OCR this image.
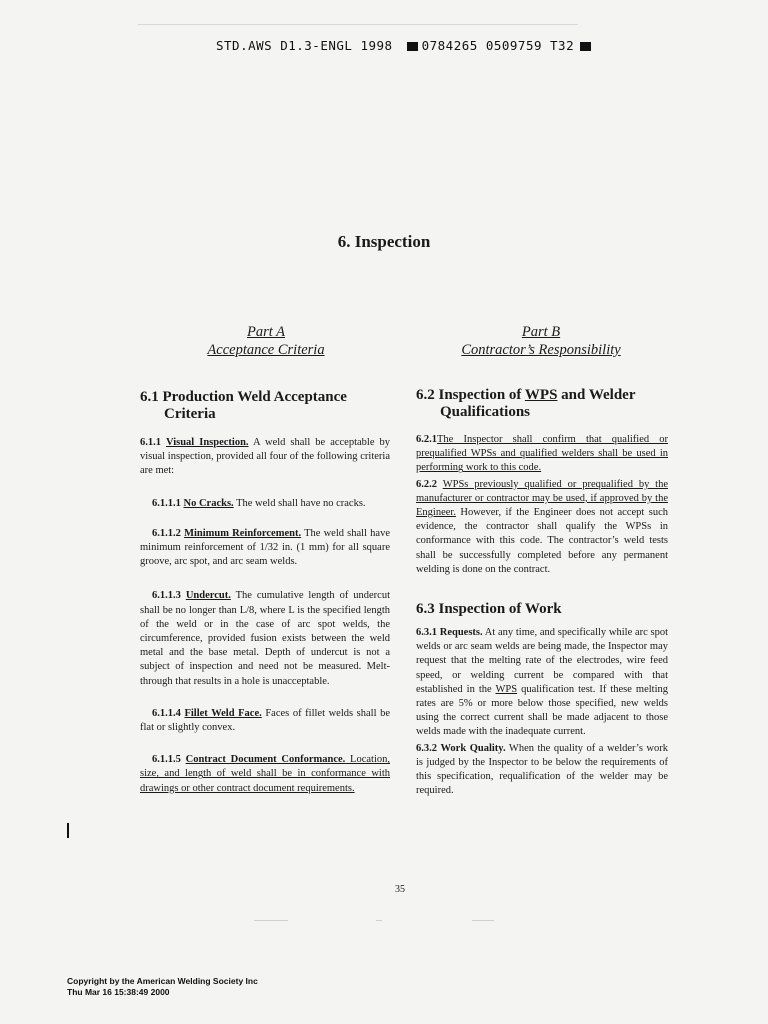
STD.AWS D1.3-ENGL 1998 0784265 0509759 T32
6. Inspection
Part A
Acceptance Criteria
Part B
Contractor’s Responsibility
6.1 Production Weld Acceptance
Criteria

6.1.1 Visual Inspection. A weld shall be acceptable by visual inspection, provided all four of the following criteria are met:

6.1.1.1 No Cracks. The weld shall have no cracks.

6.1.1.2 Minimum Reinforcement. The weld shall have minimum reinforcement of 1/32 in. (1 mm) for all square groove, arc spot, and arc seam welds.

6.1.1.3 Undercut. The cumulative length of undercut shall be no longer than L/8, where L is the specified length of the weld or in the case of arc spot welds, the circumference, provided fusion exists between the weld metal and the base metal. Depth of undercut is not a subject of inspection and need not be measured. Melt-through that results in a hole is unacceptable.

6.1.1.4 Fillet Weld Face. Faces of fillet welds shall be flat or slightly convex.

6.1.1.5 Contract Document Conformance. Location, size, and length of weld shall be in conformance with drawings or other contract document requirements.

6.2 Inspection of WPS and Welder
Qualifications

6.2.1The Inspector shall confirm that qualified or prequalified WPSs and qualified welders shall be used in performing work to this code.

6.2.2 WPSs previously qualified or prequalified by the manufacturer or contractor may be used, if approved by the Engineer. However, if the Engineer does not accept such evidence, the contractor shall qualify the WPSs in conformance with this code. The contractor’s weld tests shall be successfully completed before any permanent welding is done on the contract.

6.3 Inspection of Work

6.3.1 Requests. At any time, and specifically while arc spot welds or arc seam welds are being made, the Inspector may request that the melting rate of the electrodes, wire feed speed, or welding current be compared with that established in the WPS qualification test. If these melting rates are 5% or more below those specified, new welds using the correct current shall be made adjacent to those welds made with the inadequate current.

6.3.2 Work Quality. When the quality of a welder’s work is judged by the Inspector to be below the requirements of this specification, requalification of the welder may be required.

35
Copyright by the American Welding Society Inc
Thu Mar 16 15:38:49 2000
